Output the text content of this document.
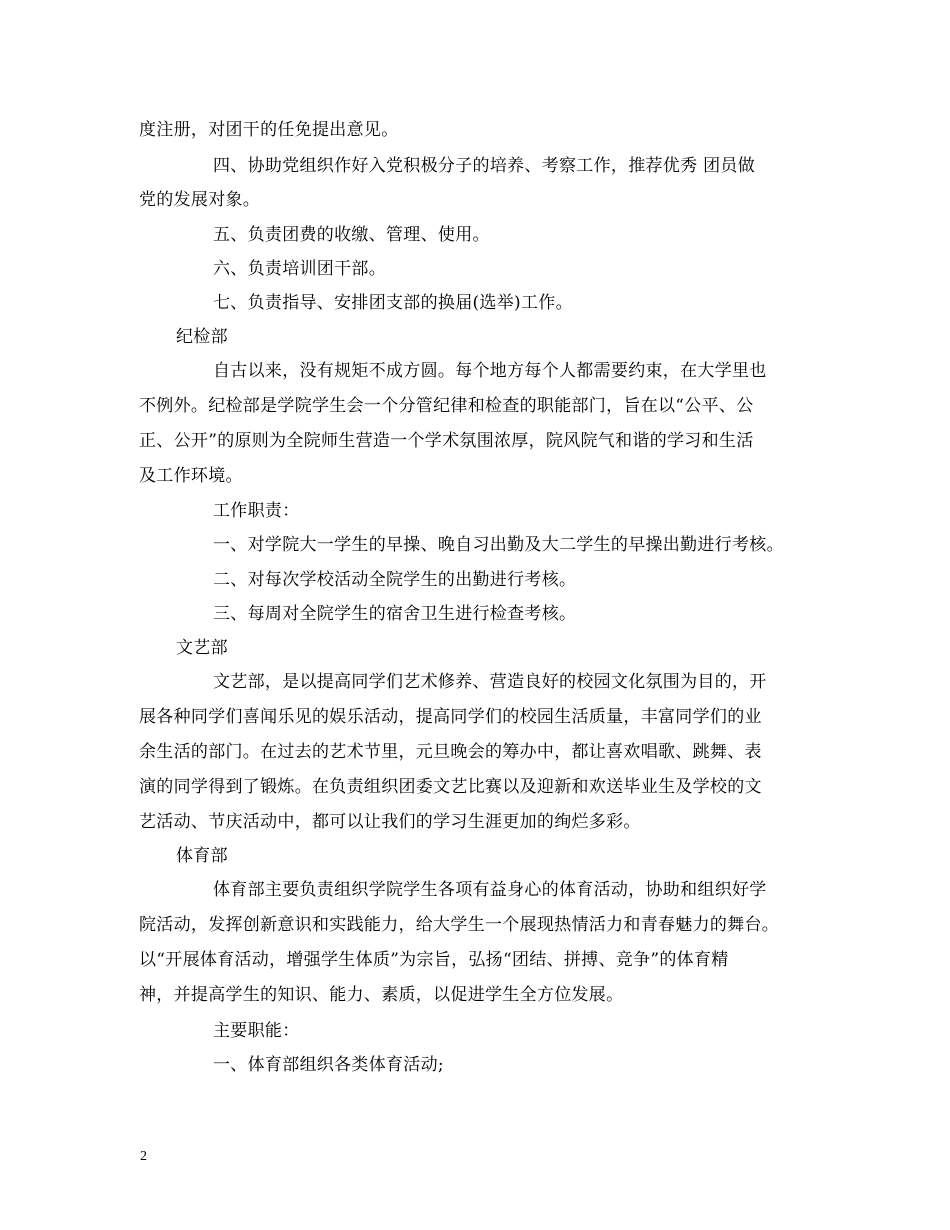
度注册，对团干的任免提出意见。
四、协助党组织作好入党积极分子的培养、考察工作，推荐优秀 团员做
党的发展对象。
五、负责团费的收缴、管理、使用。
六、负责培训团干部。
七、负责指导、安排团支部的换届(选举)工作。
纪检部
自古以来，没有规矩不成方圆。每个地方每个人都需要约束，在大学里也
不例外。纪检部是学院学生会一个分管纪律和检查的职能部门，旨在以“公平、公
正、公开”的原则为全院师生营造一个学术氛围浓厚，院风院气和谐的学习和生活
及工作环境。
工作职责：
一、对学院大一学生的早操、晚自习出勤及大二学生的早操出勤进行考核。
二、对每次学校活动全院学生的出勤进行考核。
三、每周对全院学生的宿舍卫生进行检查考核。
文艺部
文艺部，是以提高同学们艺术修养、营造良好的校园文化氛围为目的，开
展各种同学们喜闻乐见的娱乐活动，提高同学们的校园生活质量，丰富同学们的业
余生活的部门。在过去的艺术节里，元旦晚会的筹办中，都让喜欢唱歌、跳舞、表
演的同学得到了锻炼。在负责组织团委文艺比赛以及迎新和欢送毕业生及学校的文
艺活动、节庆活动中，都可以让我们的学习生涯更加的绚烂多彩。
体育部
体育部主要负责组织学院学生各项有益身心的体育活动，协助和组织好学
院活动，发挥创新意识和实践能力，给大学生一个展现热情活力和青春魅力的舞台。
以“开展体育活动，增强学生体质”为宗旨，弘扬“团结、拼搏、竞争”的体育精
神，并提高学生的知识、能力、素质，以促进学生全方位发展。
主要职能：
一、体育部组织各类体育活动;
2
